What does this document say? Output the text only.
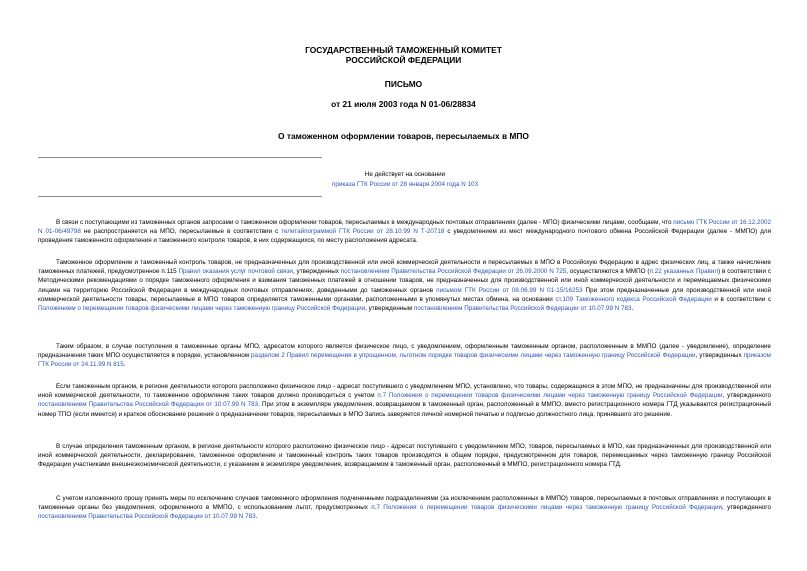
ГОСУДАРСТВЕННЫЙ ТАМОЖЕННЫЙ КОМИТЕТ
РОССИЙСКОЙ ФЕДЕРАЦИИ
ПИСЬМО
от 21 июля 2003 года N 01-06/28834
О таможенном оформлении товаров, пересылаемых в МПО
Не действует на основании
приказа ГТК России от 28 января 2004 года N 103
В связи с поступающими из таможенных органов запросами о таможенном оформлении товаров, пересылаемых в международных почтовых отправлениях (далее - МПО) физическими лицами, сообщаем, что письмо ГТК России от 16.12.2002 N 01-06/49798 не распространяется на МПО, пересылаемые в соответствии с телетайпограммой ГТК России от 28.10.99 N Т-20718 с уведомлением из мест международного почтового обмена Российской Федерации (далее - ММПО) для проведения таможенного оформления и таможенного контроля товаров, в них содержащихся, по месту расположения адресата.
Таможенное оформление и таможенный контроль товаров, не предназначенных для производственной или иной коммерческой деятельности и пересылаемых в МПО в Российскую Федерацию в адрес физических лиц, а также начисление таможенных платежей, предусмотренное п.115 Правил оказания услуг почтовой связи, утвержденных постановлением Правительства Российской Федерации от 26.09.2000 N 725, осуществляются в ММПО (п.22 указанных Правил) в соответствии с Методическими рекомендациями о порядке таможенного оформления и взимания таможенных платежей в отношении товаров, не предназначенных для производственной или иной коммерческой деятельности и перемещаемых физическими лицами на территорию Российской Федерации в международных почтовых отправлениях, доведенными до таможенных органов письмом ГТК России от 08.06.99 N 01-15/16253 При этом предназначенные для производственной или иной коммерческой деятельности товары, пересылаемые в МПО товаров определяется таможенными органами, расположенными в упомянутых местах обмена, на основании ст.109 Таможенного кодекса Российской Федерации и в соответствии с Положением о перемещении товаров физическими лицами через таможенную границу Российской Федерации, утвержденным постановлением Правительства Российской Федерации от 10.07.99 N 783.
Таким образом, в случае поступления в таможенные органы МПО, адресатом которого является физическое лицо, с уведомлением, оформленным таможенным органом, расположенным в ММПО (далее - уведомление), определение предназначения таких МПО осуществляется в порядке, установленном разделом 2 Правил перемещения в упрощенном, льготном порядке товаров физическими лицами через таможенную границу Российской Федерации, утвержденных приказом ГТК России от 24.11.99 N 815.
Если таможенным органом, в регионе деятельности которого расположено физическое лицо - адресат поступившего с уведомлением МПО, установлено, что товары, содержащиеся в этом МПО, не предназначены для производственной или иной коммерческой деятельности, то таможенное оформление таких товаров должно производиться с учетом п.7 Положения о перемещении товаров физическими лицами через таможенную границу Российской Федерации, утвержденного постановлением Правительства Российской Федерации от 10.07.99 N 783. При этом в экземпляре уведомления, возвращаемом в таможенный орган, расположенный в ММПО, вместо регистрационного номера ГТД указываются регистрационный номер ТПО (если имеется) и краткое обоснование решения о предназначении товаров, пересылаемых в МПО Запись заверяется личной номерной печатью и подписью должностного лица, принявшего это решение.
В случае определения таможенным органом, в регионе деятельности которого расположено физическое лицо - адресат поступившего с уведомлением МПО, товаров, пересылаемых в МПО, как предназначенных для производственной или иной коммерческой деятельности, декларирование, таможенное оформление и таможенный контроль таких товаров производятся в общем порядке, предусмотренном для товаров, перемещаемых через таможенную границу Российской Федерации участниками внешнеэкономической деятельности, с указанием в экземпляре уведомления, возвращаемом в таможенный орган, расположенный в ММПО, регистрационного номера ГТД.
С учетом изложенного прошу принять меры по исключению случаев таможенного оформления подчиненными подразделениями (за исключением расположенных в ММПО) товаров, пересылаемых в почтовых отправлениях и поступающих в таможенные органы без уведомления, оформленного в ММПО, с использованием льгот, предусмотренных п.7 Положения о перемещении товаров физическими лицами через таможенную границу Российской Федерации, утвержденного постановлением Правительства Российской Федерации от 10.07.99 N 783.
